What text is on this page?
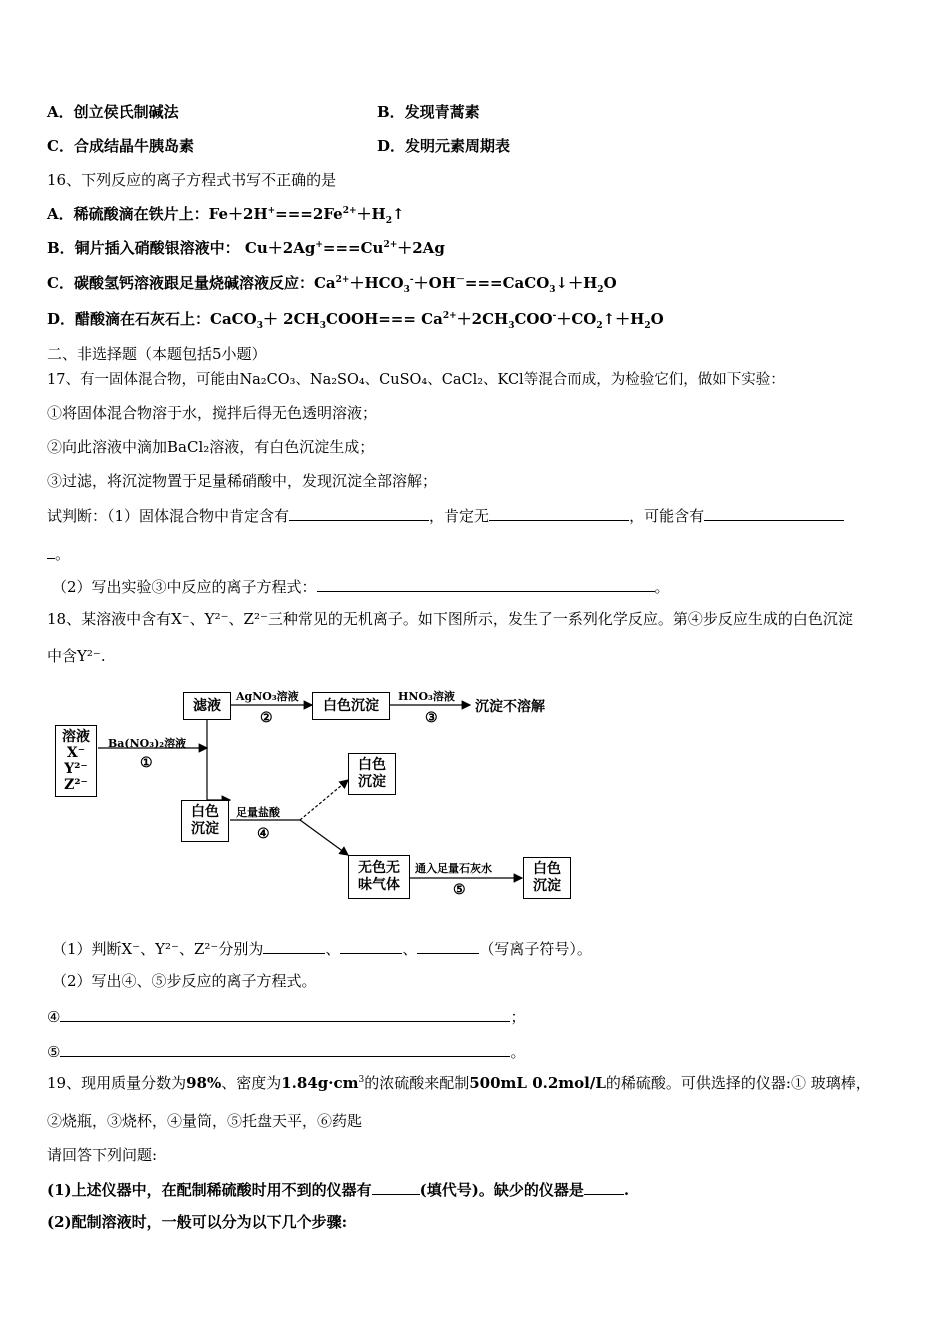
A．创立侯氏制碱法	B．发现青蒿素
C．合成结晶牛胰岛素	D．发明元素周期表
16、下列反应的离子方程式书写不正确的是
A．稀硫酸滴在铁片上：$Fe+2H^+===2Fe^{2+}+H_2↑$
B．铜片插入硝酸银溶液中： $Cu+2Ag^+===Cu^{2+}+2Ag$
C．碳酸氢钙溶液跟足量烧碱溶液反应：$Ca^{2+}+HCO_3^-+OH^-===CaCO_3↓+H_2O$
D．醋酸滴在石灰石上：CaCO$_3$＋ $2CH_3COOH===$ $Ca^{2+}+2CH_3COO^-+CO_2↑+H_2O$
二、非选择题（本题包括5小题）
17、有一固体混合物，可能由Na₂CO₃、Na₂SO₄、CuSO₄、CaCl₂、KCl等混合而成，为检验它们，做如下实验：
①将固体混合物溶于水，搅拌后得无色透明溶液；
②向此溶液中滴加BaCl₂溶液，有白色沉淀生成；
③过滤，将沉淀物置于足量稀硝酸中，发现沉淀全部溶解；
试判断：（1）固体混合物中肯定含有	，肯定无	，可能含有
。
（2）写出实验③中反应的离子方程式：	。
18、某溶液中含有X⁻、Y²⁻、Z²⁻三种常见的无机离子。如下图所示，发生了一系列化学反应。第④步反应生成的白色沉淀
中含Y²⁻.
溶液
X⁻
Y²⁻
Z²⁻
滤液	白色沉淀	沉淀不溶解
白色
沉淀
白色
沉淀
无色无
味气体
白色
沉淀
Ba(NO₃)₂溶液
①
AgNO₃溶液
②
HNO₃溶液
③
足量盐酸
④
通入足量石灰水
⑤
（1）判断X⁻、Y²⁻、Z²⁻分别为	、	、	（写离子符号）。
（2）写出④、⑤步反应的离子方程式。
④	；
⑤	。
19、现用质量分数为98%、密度为$1.84g\cdot cm^3$的浓硫酸来配制500mL 0.2mol/L的稀硫酸。可供选择的仪器:① 玻璃棒，
②烧瓶，③烧杯，④量筒，⑤托盘天平，⑥药匙
请回答下列问题:
(1)上述仪器中，在配制稀硫酸时用不到的仪器有	(填代号)。缺少的仪器是	.
(2)配制溶液时，一般可以分为以下几个步骤:
